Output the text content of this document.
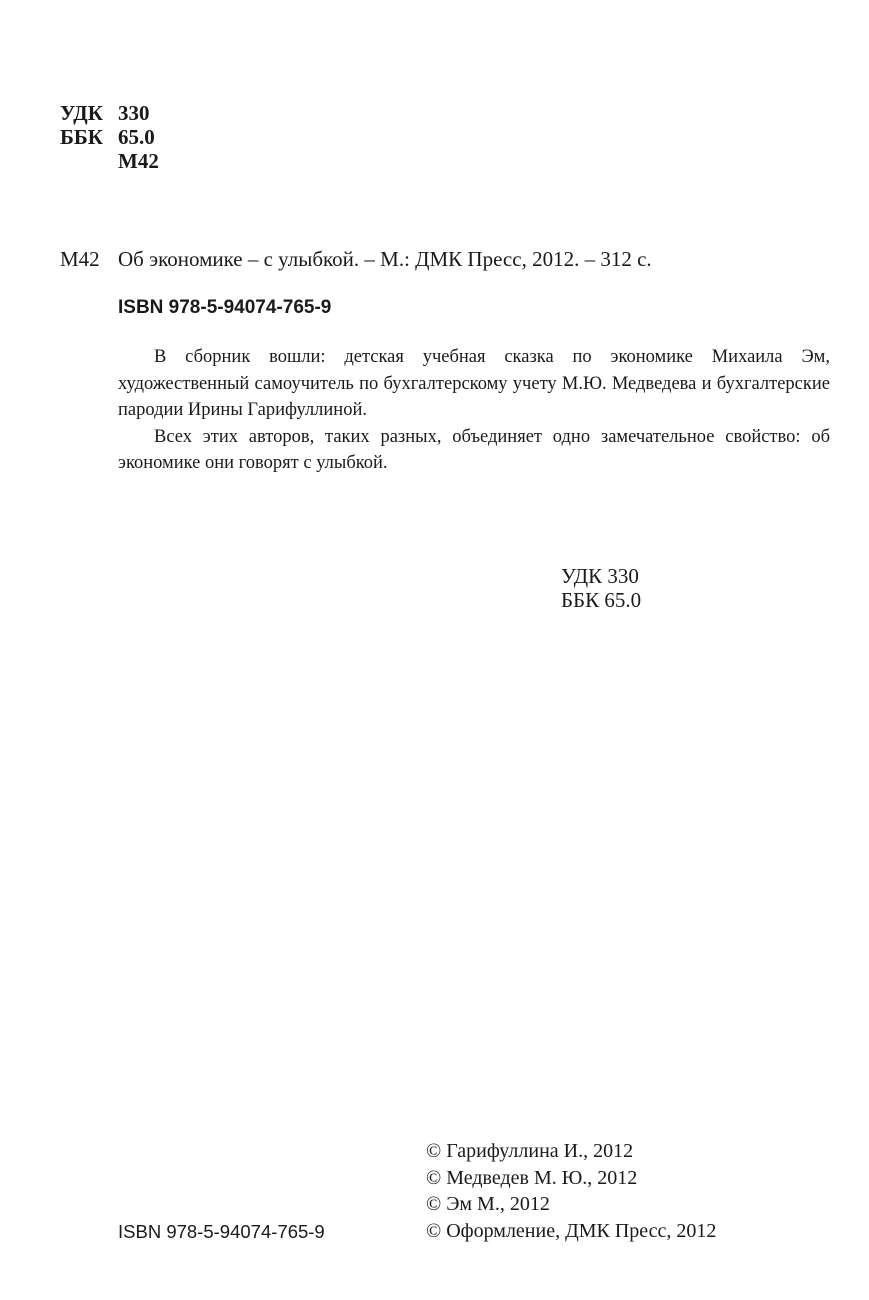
УДК 330
ББК 65.0
М42
М42 Об экономике – с улыбкой. – М.: ДМК Пресс, 2012. – 312 с.
ISBN 978-5-94074-765-9

В сборник вошли: детская учебная сказка по экономике Михаила Эм, художественный самоучитель по бухгалтерскому учету М.Ю. Медведева и бухгалтерские пародии Ирины Гарифуллиной.

Всех этих авторов, таких разных, объединяет одно замечательное свойство: об экономике они говорят с улыбкой.

УДК 330
ББК 65.0
ISBN 978-5-94074-765-9
© Гарифуллина И., 2012
© Медведев М. Ю., 2012
© Эм М., 2012
© Оформление, ДМК Пресс, 2012
